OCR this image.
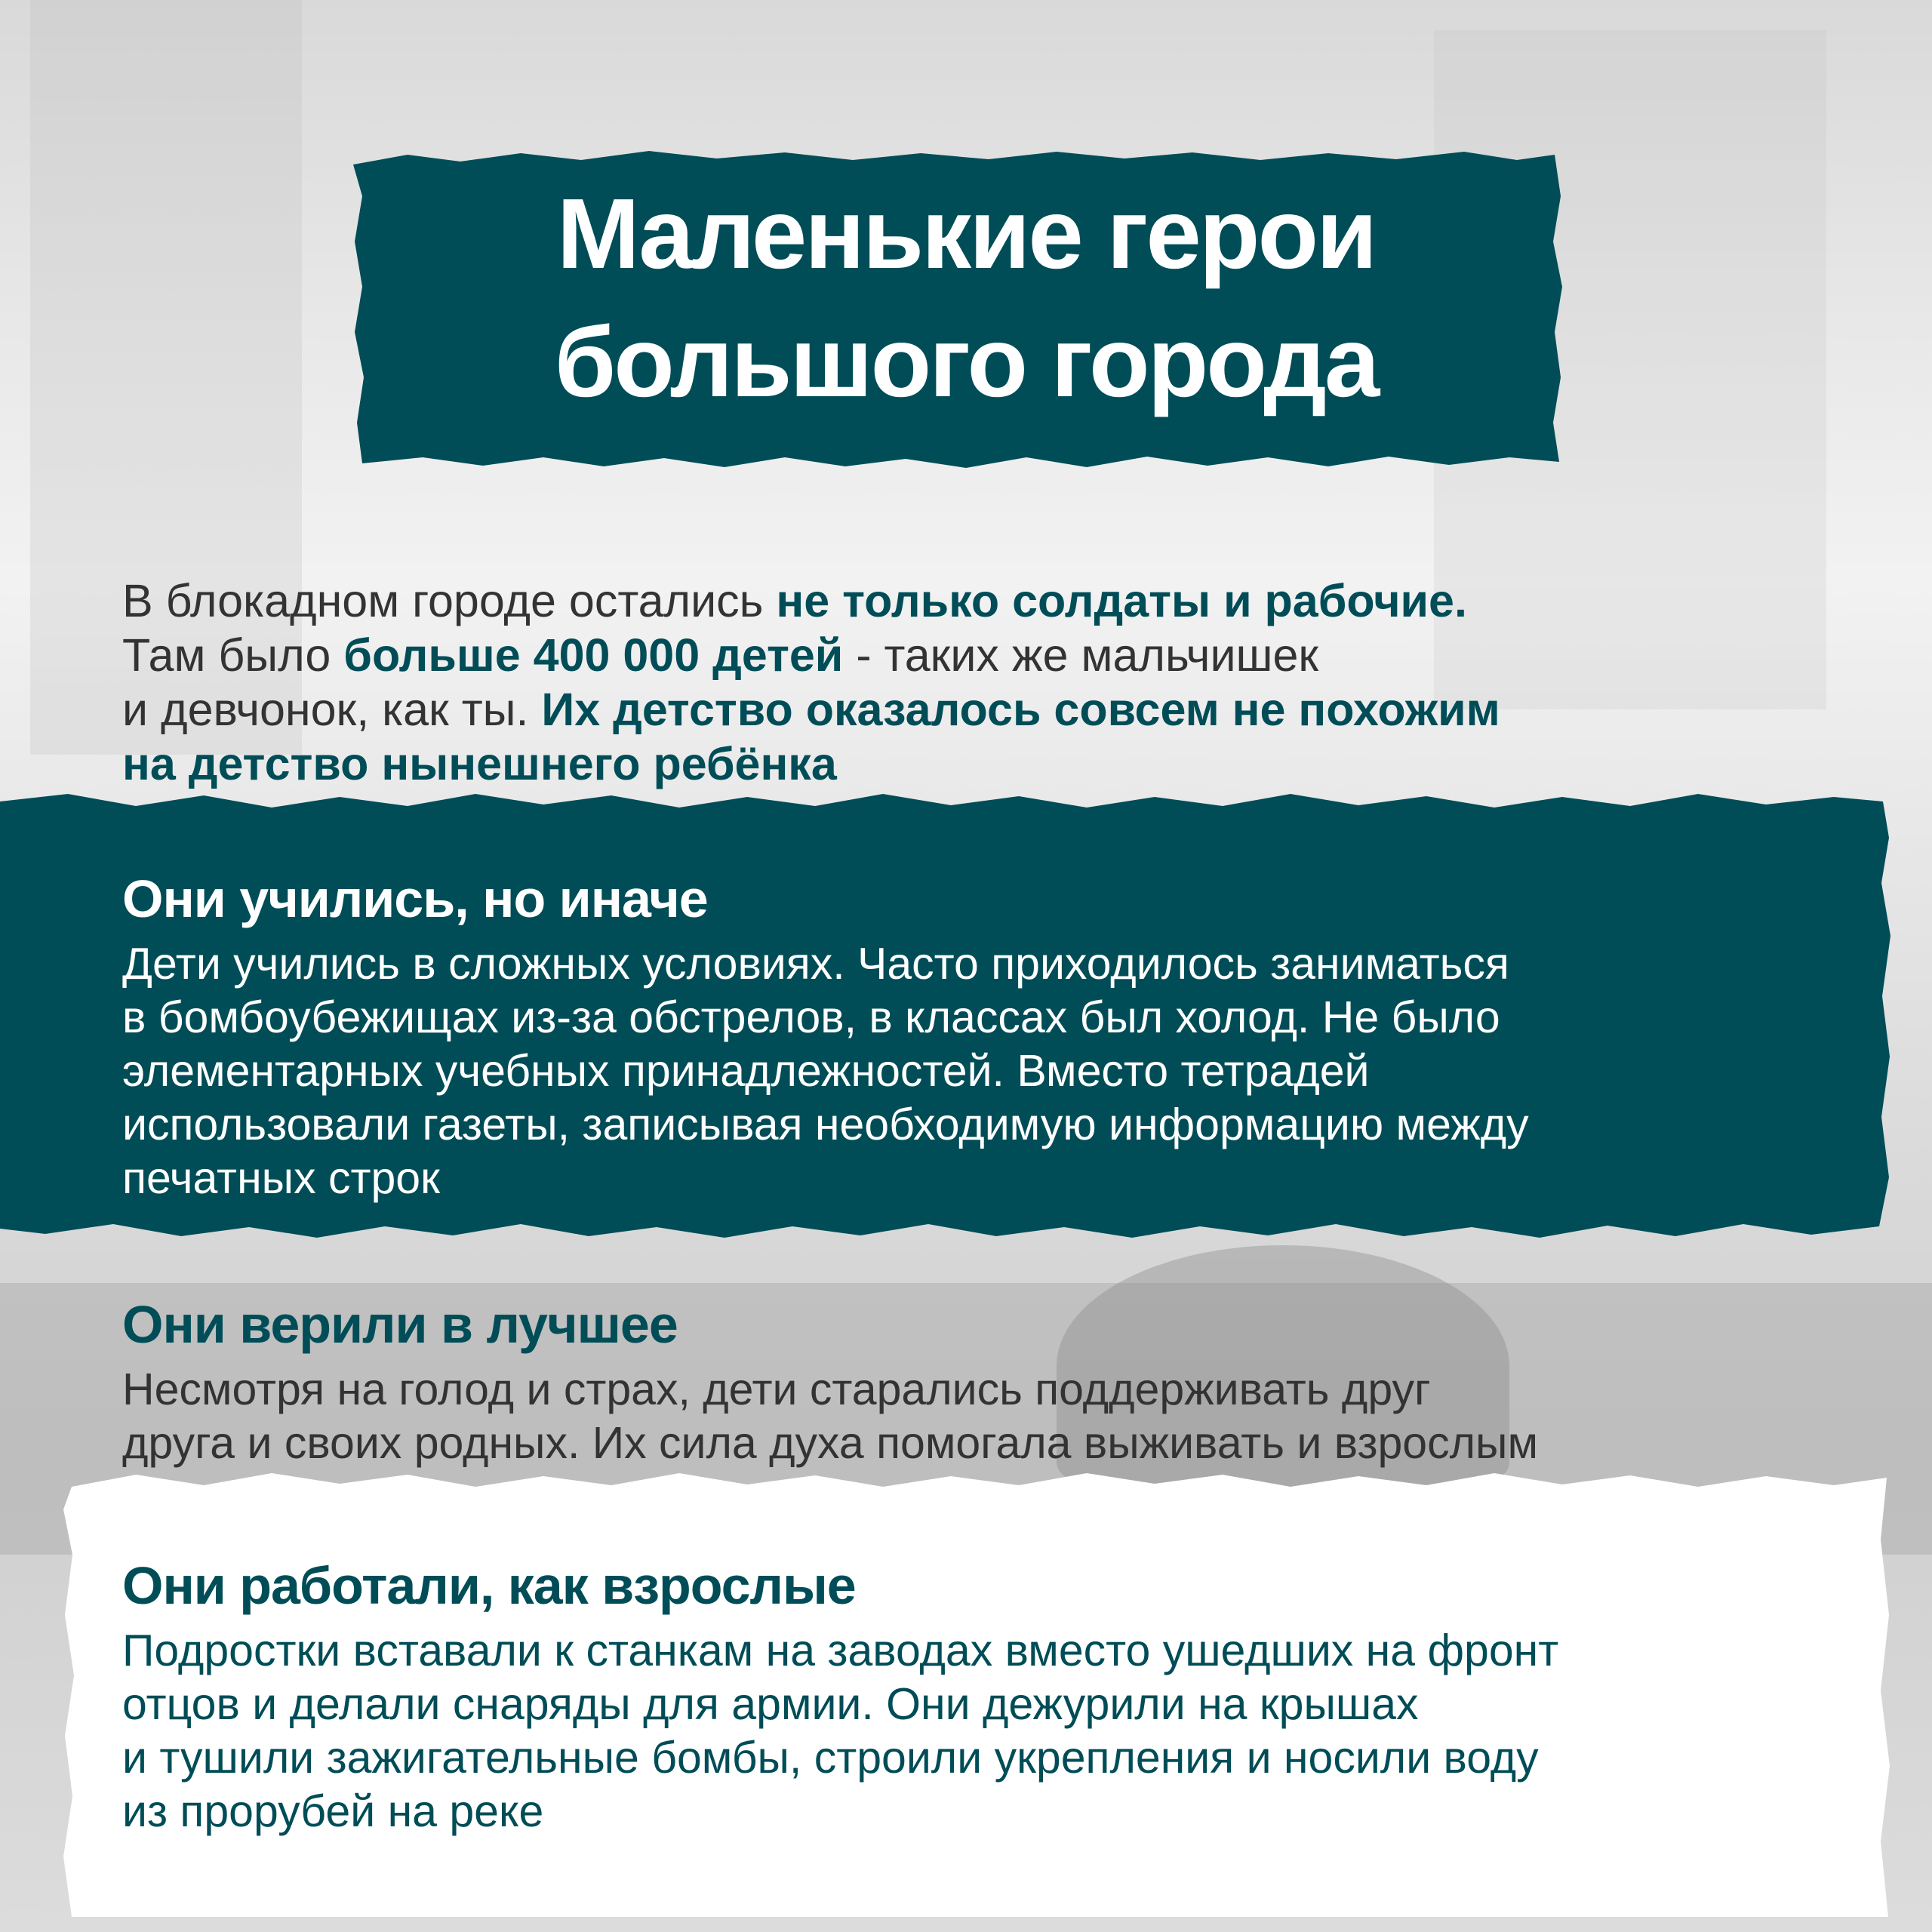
Маленькие герои
большого города

В блокадном городе остались не только солдаты и рабочие.
Там было больше 400 000 детей - таких же мальчишек
и девчонок, как ты. Их детство оказалось совсем не похожим
на детство нынешнего ребёнка

Они учились, но иначе

Дети учились в сложных условиях. Часто приходилось заниматься
в бомбоубежищах из-за обстрелов, в классах был холод. Не было
элементарных учебных принадлежностей. Вместо тетрадей
использовали газеты, записывая необходимую информацию между
печатных строк

Они верили в лучшее

Несмотря на голод и страх, дети старались поддерживать друг
друга и своих родных. Их сила духа помогала выживать и взрослым

Они работали, как взрослые

Подростки вставали к станкам на заводах вместо ушедших на фронт
отцов и делали снаряды для армии. Они дежурили на крышах
и тушили зажигательные бомбы, строили укрепления и носили воду
из прорубей на реке
